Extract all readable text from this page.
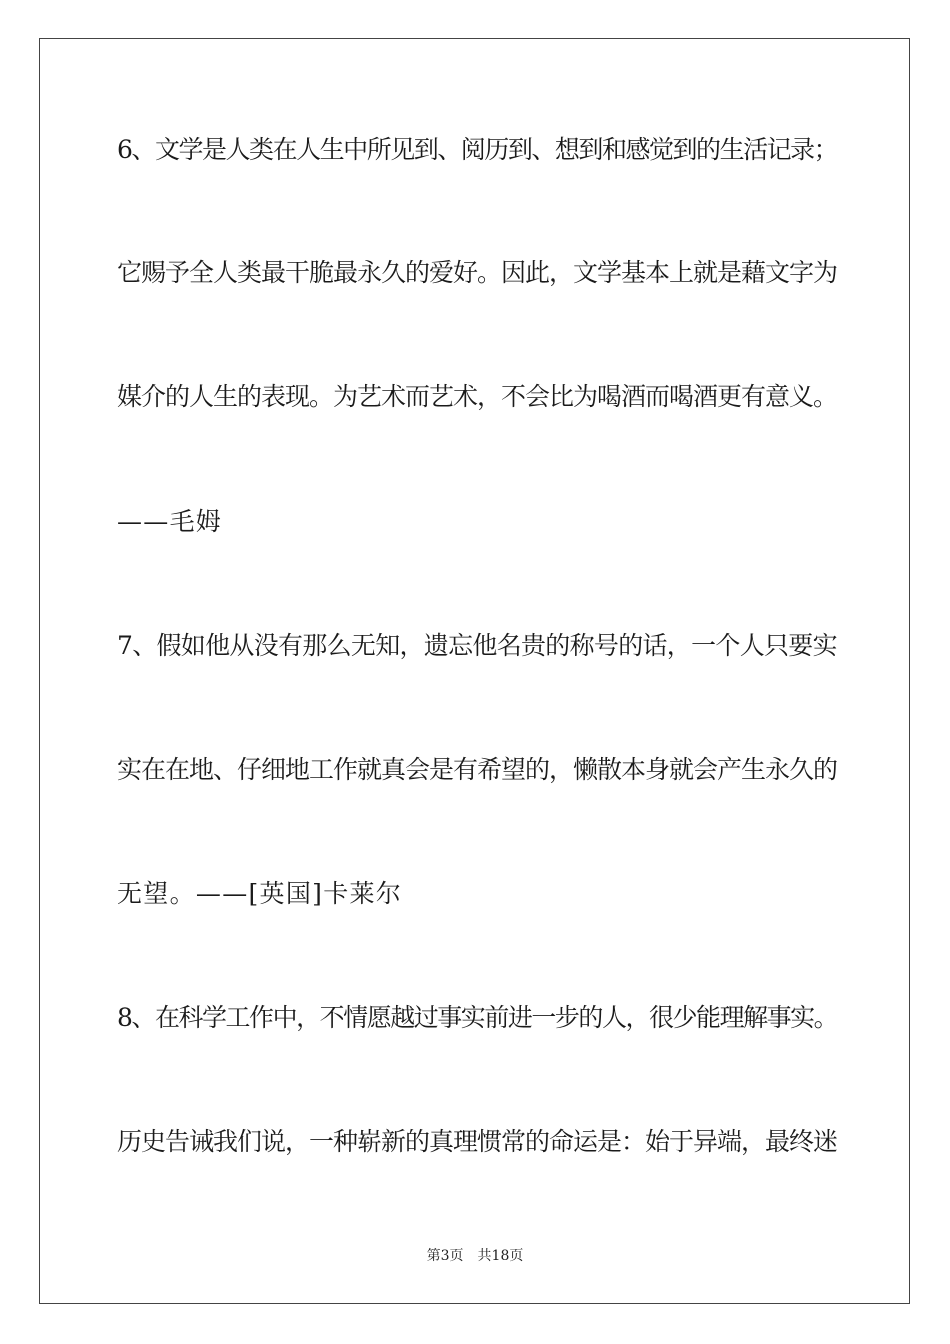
6、文学是人类在人生中所见到、阅历到、想到和感觉到的生活记录；
它赐予全人类最干脆最永久的爱好。因此，文学基本上就是藉文字为
媒介的人生的表现。为艺术而艺术，不会比为喝酒而喝酒更有意义。
——毛姆
7、假如他从没有那么无知，遗忘他名贵的称号的话，一个人只要实
实在在地、仔细地工作就真会是有希望的，懒散本身就会产生永久的
无望。——[英国]卡莱尔
8、在科学工作中，不情愿越过事实前进一步的人，很少能理解事实。
历史告诫我们说，一种崭新的真理惯常的命运是：始于异端，最终迷
第3页 共18页
